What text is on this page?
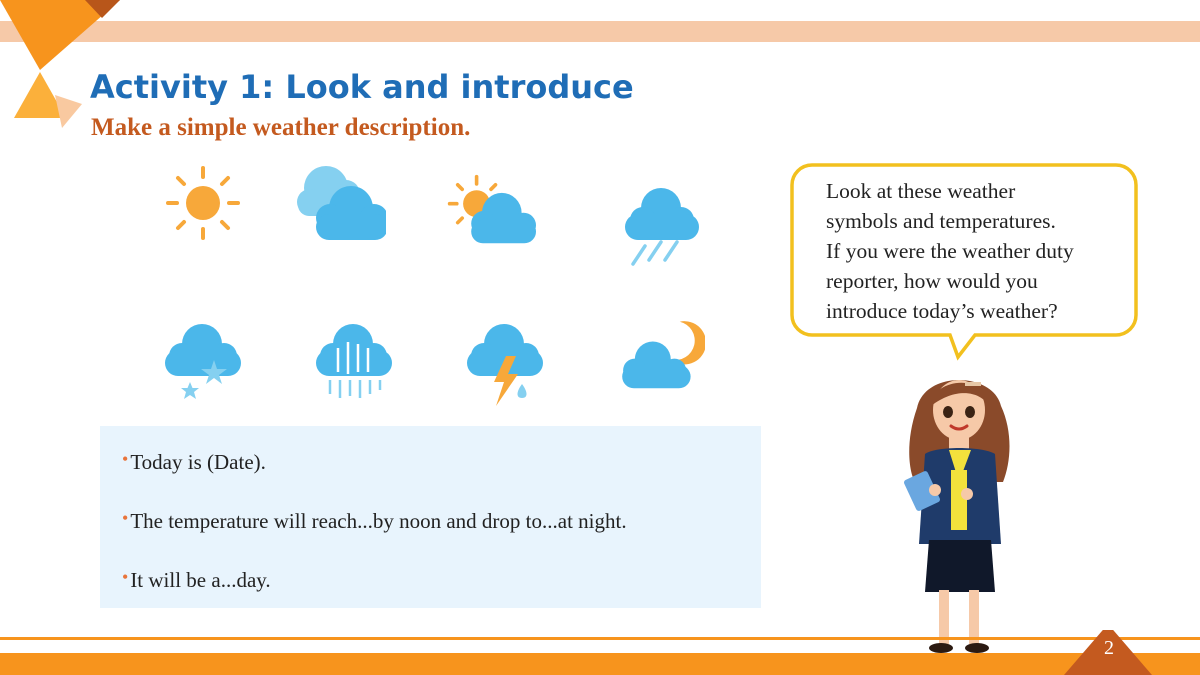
Activity 1: Look and introduce
Make a simple weather description.
•Today is (Date).
•The temperature will reach...by noon and drop to...at night.
•It will be a...day.
Look at these weather
symbols and temperatures.
If you were the weather duty
reporter, how would you
introduce today’s weather?
2
